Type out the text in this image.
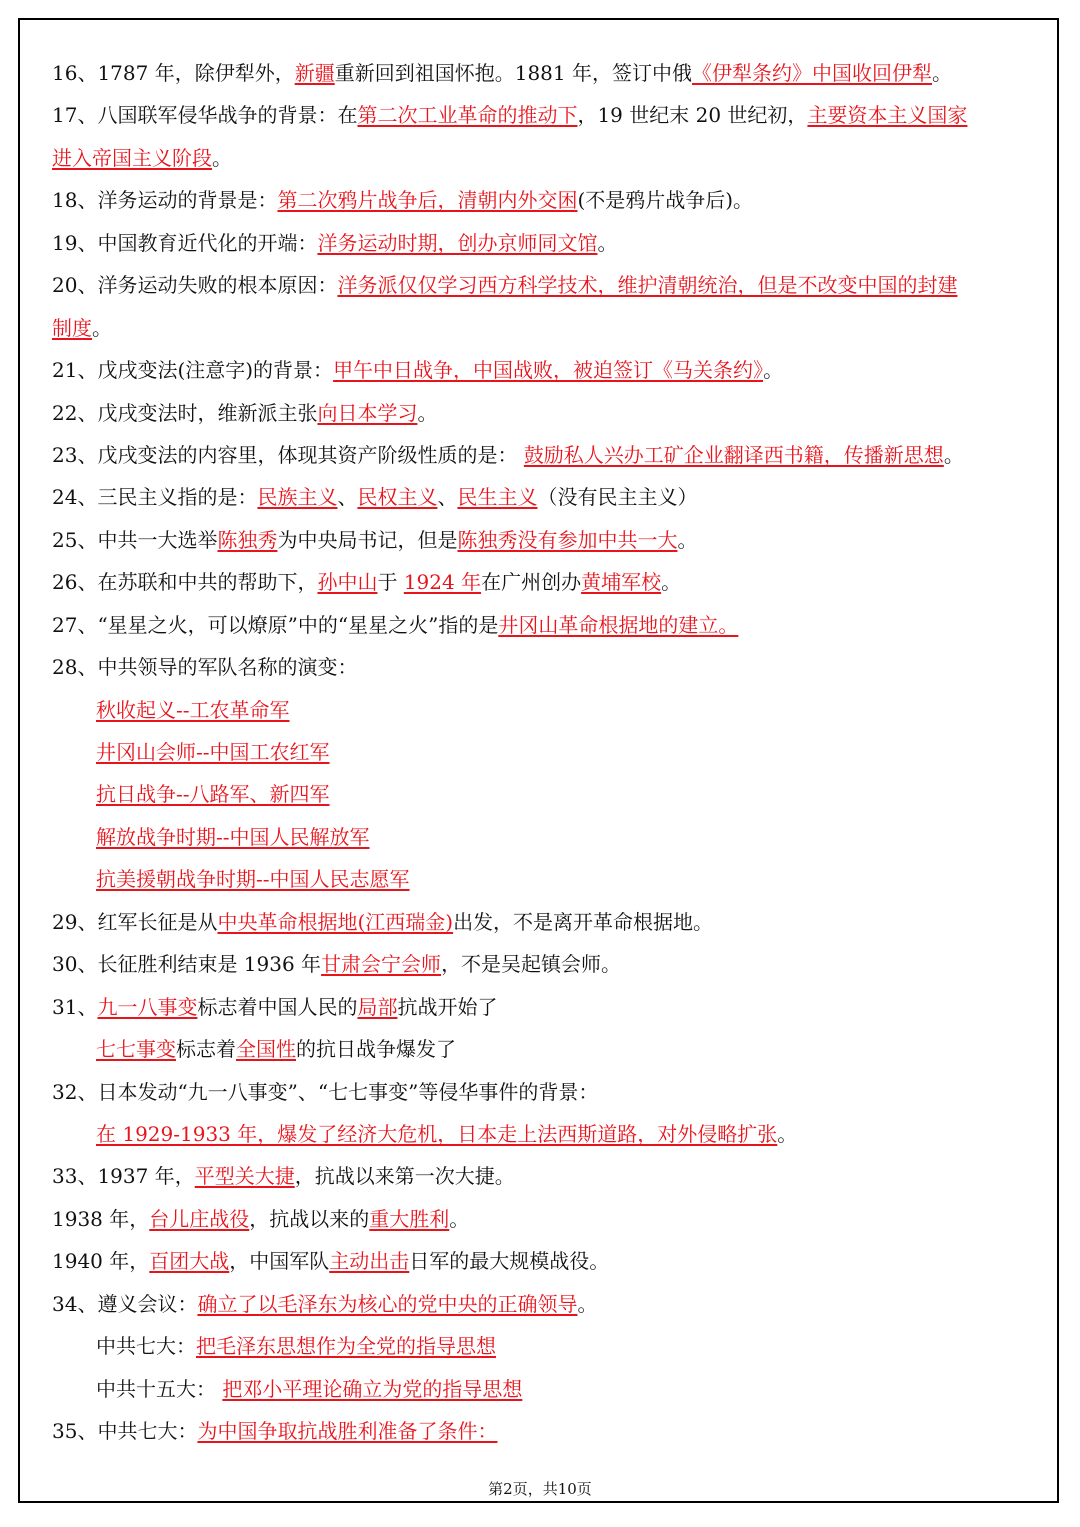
16、1787 年，除伊犁外，新疆重新回到祖国怀抱。1881 年，签订中俄《伊犁条约》中国收回伊犁。
17、八国联军侵华战争的背景：在第二次工业革命的推动下，19 世纪末 20 世纪初，主要资本主义国家
进入帝国主义阶段。
18、洋务运动的背景是：第二次鸦片战争后，清朝内外交困(不是鸦片战争后)。
19、中国教育近代化的开端：洋务运动时期，创办京师同文馆。
20、洋务运动失败的根本原因：洋务派仅仅学习西方科学技术，维护清朝统治，但是不改变中国的封建
制度。
21、戊戌变法(注意字)的背景：甲午中日战争，中国战败，被迫签订《马关条约》。
22、戊戌变法时，维新派主张向日本学习。
23、戊戌变法的内容里，体现其资产阶级性质的是： 鼓励私人兴办工矿企业翻译西书籍，传播新思想。
24、三民主义指的是：民族主义、民权主义、民生主义（没有民主主义）
25、中共一大选举陈独秀为中央局书记，但是陈独秀没有参加中共一大。
26、在苏联和中共的帮助下，孙中山于 1924 年在广州创办黄埔军校。
27、“星星之火，可以燎原”中的“星星之火”指的是井冈山革命根据地的建立。
28、中共领导的军队名称的演变：
秋收起义--工农革命军
井冈山会师--中国工农红军
抗日战争--八路军、新四军
解放战争时期--中国人民解放军
抗美援朝战争时期--中国人民志愿军
29、红军长征是从中央革命根据地(江西瑞金)出发，不是离开革命根据地。
30、长征胜利结束是 1936 年甘肃会宁会师，不是吴起镇会师。
31、九一八事变标志着中国人民的局部抗战开始了
七七事变标志着全国性的抗日战争爆发了
32、日本发动“九一八事变”、“七七事变”等侵华事件的背景：
在 1929-1933 年，爆发了经济大危机，日本走上法西斯道路，对外侵略扩张。
33、1937 年，平型关大捷，抗战以来第一次大捷。
1938 年，台儿庄战役，抗战以来的重大胜利。
1940 年，百团大战，中国军队主动出击日军的最大规模战役。
34、遵义会议：确立了以毛泽东为核心的党中央的正确领导。
中共七大：把毛泽东思想作为全党的指导思想
中共十五大： 把邓小平理论确立为党的指导思想
35、中共七大：为中国争取抗战胜利准备了条件：
第2页，共10页
